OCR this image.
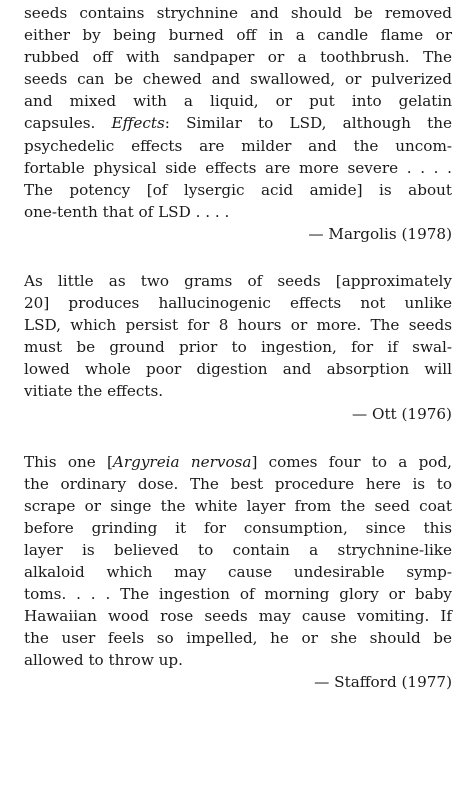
seeds contains strychnine and should be removed
either by being burned off in a candle flame or
rubbed off with sandpaper or a toothbrush. The
seeds can be chewed and swallowed, or pulverized
and mixed with a liquid, or put into gelatin
capsules. Effects: Similar to LSD, although the
psychedelic effects are milder and the uncom-
fortable physical side effects are more severe . . . .
The potency [of lysergic acid amide] is about
one-tenth that of LSD . . . .
— Margolis (1978)
As little as two grams of seeds [approximately
20] produces hallucinogenic effects not unlike
LSD, which persist for 8 hours or more. The seeds
must be ground prior to ingestion, for if swal-
lowed whole poor digestion and absorption will
vitiate the effects.
— Ott (1976)
This one [Argyreia nervosa] comes four to a pod,
the ordinary dose. The best procedure here is to
scrape or singe the white layer from the seed coat
before grinding it for consumption, since this
layer is believed to contain a strychnine-like
alkaloid which may cause undesirable symp-
toms. . . . The ingestion of morning glory or baby
Hawaiian wood rose seeds may cause vomiting. If
the user feels so impelled, he or she should be
allowed to throw up.
— Stafford (1977)
